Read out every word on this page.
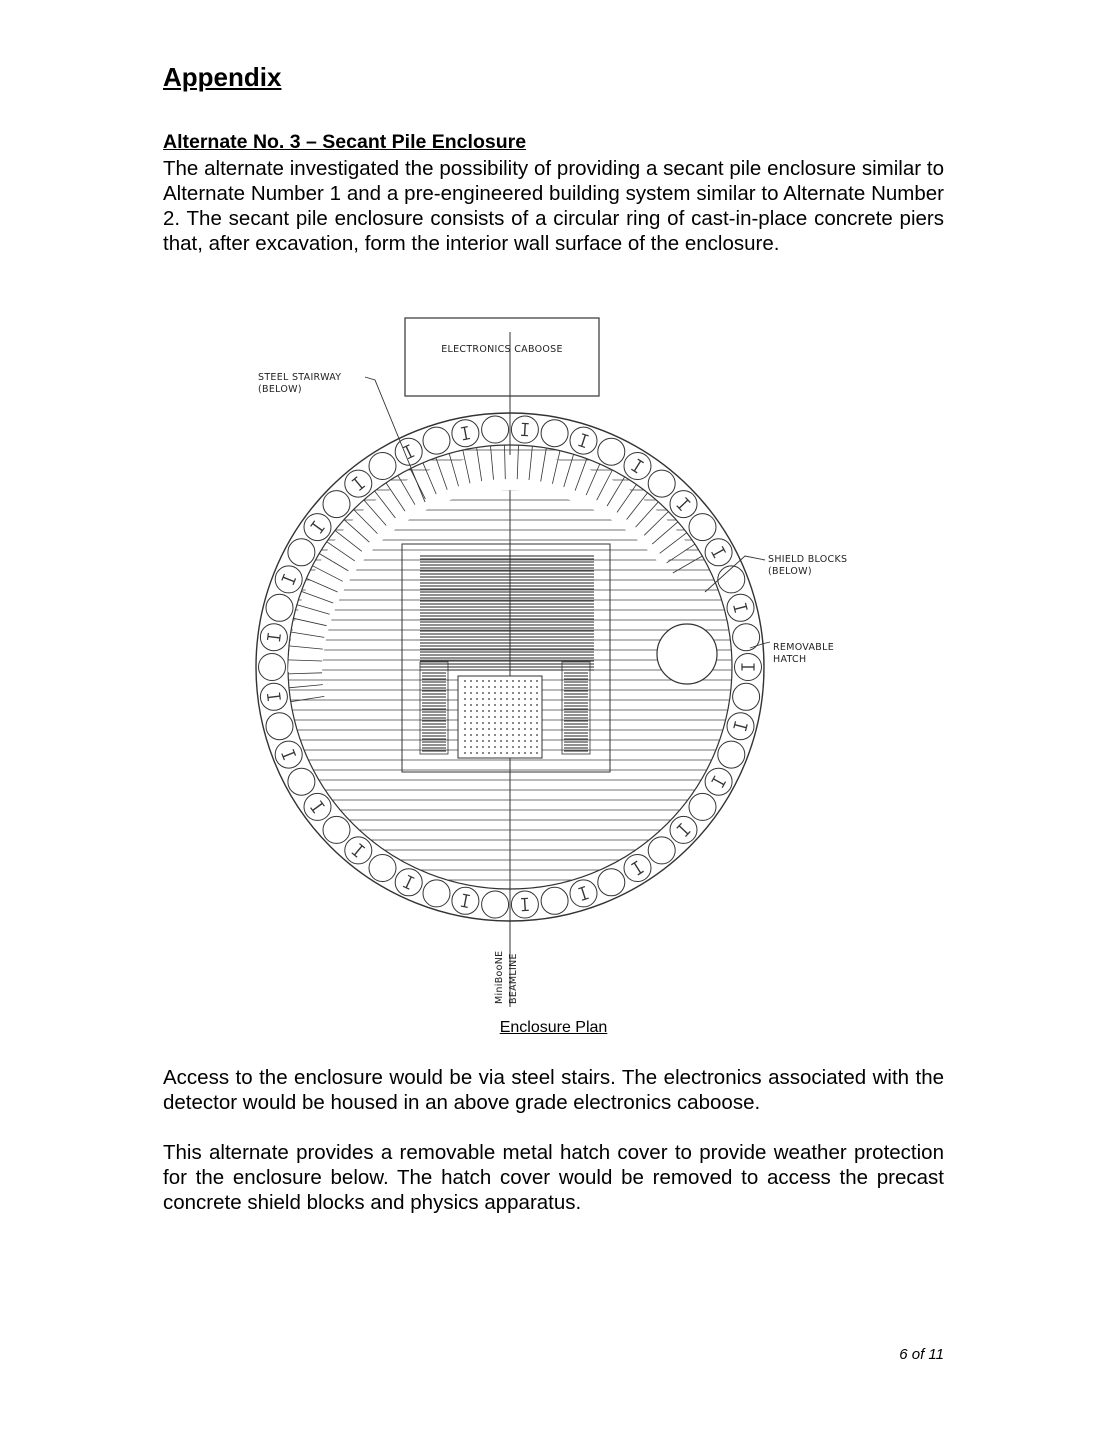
Appendix
Alternate No. 3 – Secant Pile Enclosure

The alternate investigated the possibility of providing a secant pile enclosure similar to Alternate Number 1 and a pre-engineered building system similar to Alternate Number 2. The secant pile enclosure consists of a circular ring of cast-in-place concrete piers that, after excavation, form the interior wall surface of the enclosure.

ELECTRONICS CABOOSE
STEEL STAIRWAY
(BELOW)
SHIELD BLOCKS
(BELOW)
REMOVABLE
HATCH
MiniBooNE BEAMLINE

Enclosure Plan

Access to the enclosure would be via steel stairs. The electronics associated with the detector would be housed in an above grade electronics caboose.

This alternate provides a removable metal hatch cover to provide weather protection for the enclosure below. The hatch cover would be removed to access the precast concrete shield blocks and physics apparatus.

6 of 11
